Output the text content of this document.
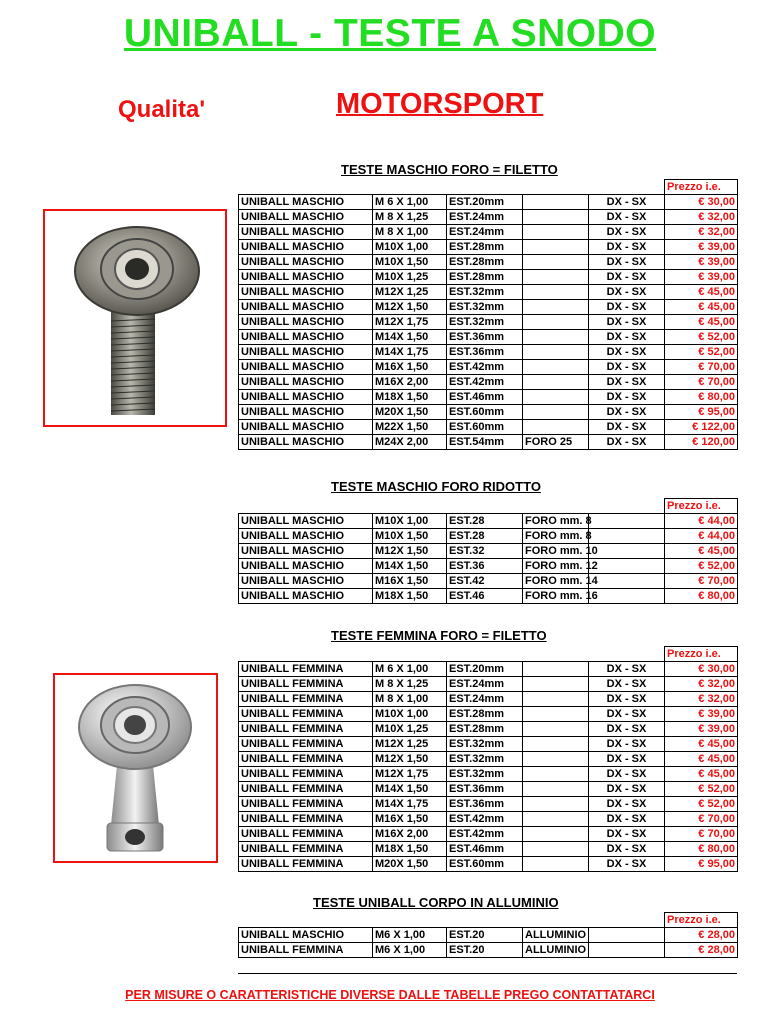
UNIBALL - TESTE A SNODO
Qualita'	MOTORSPORT
TESTE MASCHIO FORO = FILETTO
TESTE MASCHIO FORO RIDOTTO
TESTE FEMMINA FORO = FILETTO
TESTE UNIBALL CORPO IN ALLUMINIO
					Prezzo i.e.
UNIBALL MASCHIO	M 6 X 1,00	EST.20mm		DX - SX	€ 30,00
UNIBALL MASCHIO	M 8 X 1,25	EST.24mm		DX - SX	€ 32,00
UNIBALL MASCHIO	M 8 X 1,00	EST.24mm		DX - SX	€ 32,00
UNIBALL MASCHIO	M10X 1,00	EST.28mm		DX - SX	€ 39,00
UNIBALL MASCHIO	M10X 1,50	EST.28mm		DX - SX	€ 39,00
UNIBALL MASCHIO	M10X 1,25	EST.28mm		DX - SX	€ 39,00
UNIBALL MASCHIO	M12X 1,25	EST.32mm		DX - SX	€ 45,00
UNIBALL MASCHIO	M12X 1,50	EST.32mm		DX - SX	€ 45,00
UNIBALL MASCHIO	M12X 1,75	EST.32mm		DX - SX	€ 45,00
UNIBALL MASCHIO	M14X 1,50	EST.36mm		DX - SX	€ 52,00
UNIBALL MASCHIO	M14X 1,75	EST.36mm		DX - SX	€ 52,00
UNIBALL MASCHIO	M16X 1,50	EST.42mm		DX - SX	€ 70,00
UNIBALL MASCHIO	M16X 2,00	EST.42mm		DX - SX	€ 70,00
UNIBALL MASCHIO	M18X 1,50	EST.46mm		DX - SX	€ 80,00
UNIBALL MASCHIO	M20X 1,50	EST.60mm		DX - SX	€ 95,00
UNIBALL MASCHIO	M22X 1,50	EST.60mm		DX - SX	€ 122,00
UNIBALL MASCHIO	M24X 2,00	EST.54mm	FORO 25	DX - SX	€ 120,00
					Prezzo i.e.
UNIBALL MASCHIO	M10X 1,00	EST.28	FORO mm. 8		€ 44,00
UNIBALL MASCHIO	M10X 1,50	EST.28	FORO mm. 8		€ 44,00
UNIBALL MASCHIO	M12X 1,50	EST.32	FORO mm. 10		€ 45,00
UNIBALL MASCHIO	M14X 1,50	EST.36	FORO mm. 12		€ 52,00
UNIBALL MASCHIO	M16X 1,50	EST.42	FORO mm. 14		€ 70,00
UNIBALL MASCHIO	M18X 1,50	EST.46	FORO mm. 16		€ 80,00
					Prezzo i.e.
UNIBALL FEMMINA	M 6 X 1,00	EST.20mm		DX - SX	€ 30,00
UNIBALL FEMMINA	M 8 X 1,25	EST.24mm		DX - SX	€ 32,00
UNIBALL FEMMINA	M 8 X 1,00	EST.24mm		DX - SX	€ 32,00
UNIBALL FEMMINA	M10X 1,00	EST.28mm		DX - SX	€ 39,00
UNIBALL FEMMINA	M10X 1,25	EST.28mm		DX - SX	€ 39,00
UNIBALL FEMMINA	M12X 1,25	EST.32mm		DX - SX	€ 45,00
UNIBALL FEMMINA	M12X 1,50	EST.32mm		DX - SX	€ 45,00
UNIBALL FEMMINA	M12X 1,75	EST.32mm		DX - SX	€ 45,00
UNIBALL FEMMINA	M14X 1,50	EST.36mm		DX - SX	€ 52,00
UNIBALL FEMMINA	M14X 1,75	EST.36mm		DX - SX	€ 52,00
UNIBALL FEMMINA	M16X 1,50	EST.42mm		DX - SX	€ 70,00
UNIBALL FEMMINA	M16X 2,00	EST.42mm		DX - SX	€ 70,00
UNIBALL FEMMINA	M18X 1,50	EST.46mm		DX - SX	€ 80,00
UNIBALL FEMMINA	M20X 1,50	EST.60mm		DX - SX	€ 95,00
					Prezzo i.e.
UNIBALL MASCHIO	M6 X 1,00	EST.20	ALLUMINIO		€ 28,00
UNIBALL FEMMINA	M6 X 1,00	EST.20	ALLUMINIO		€ 28,00
PER MISURE O CARATTERISTICHE DIVERSE DALLE TABELLE PREGO CONTATTATARCI
